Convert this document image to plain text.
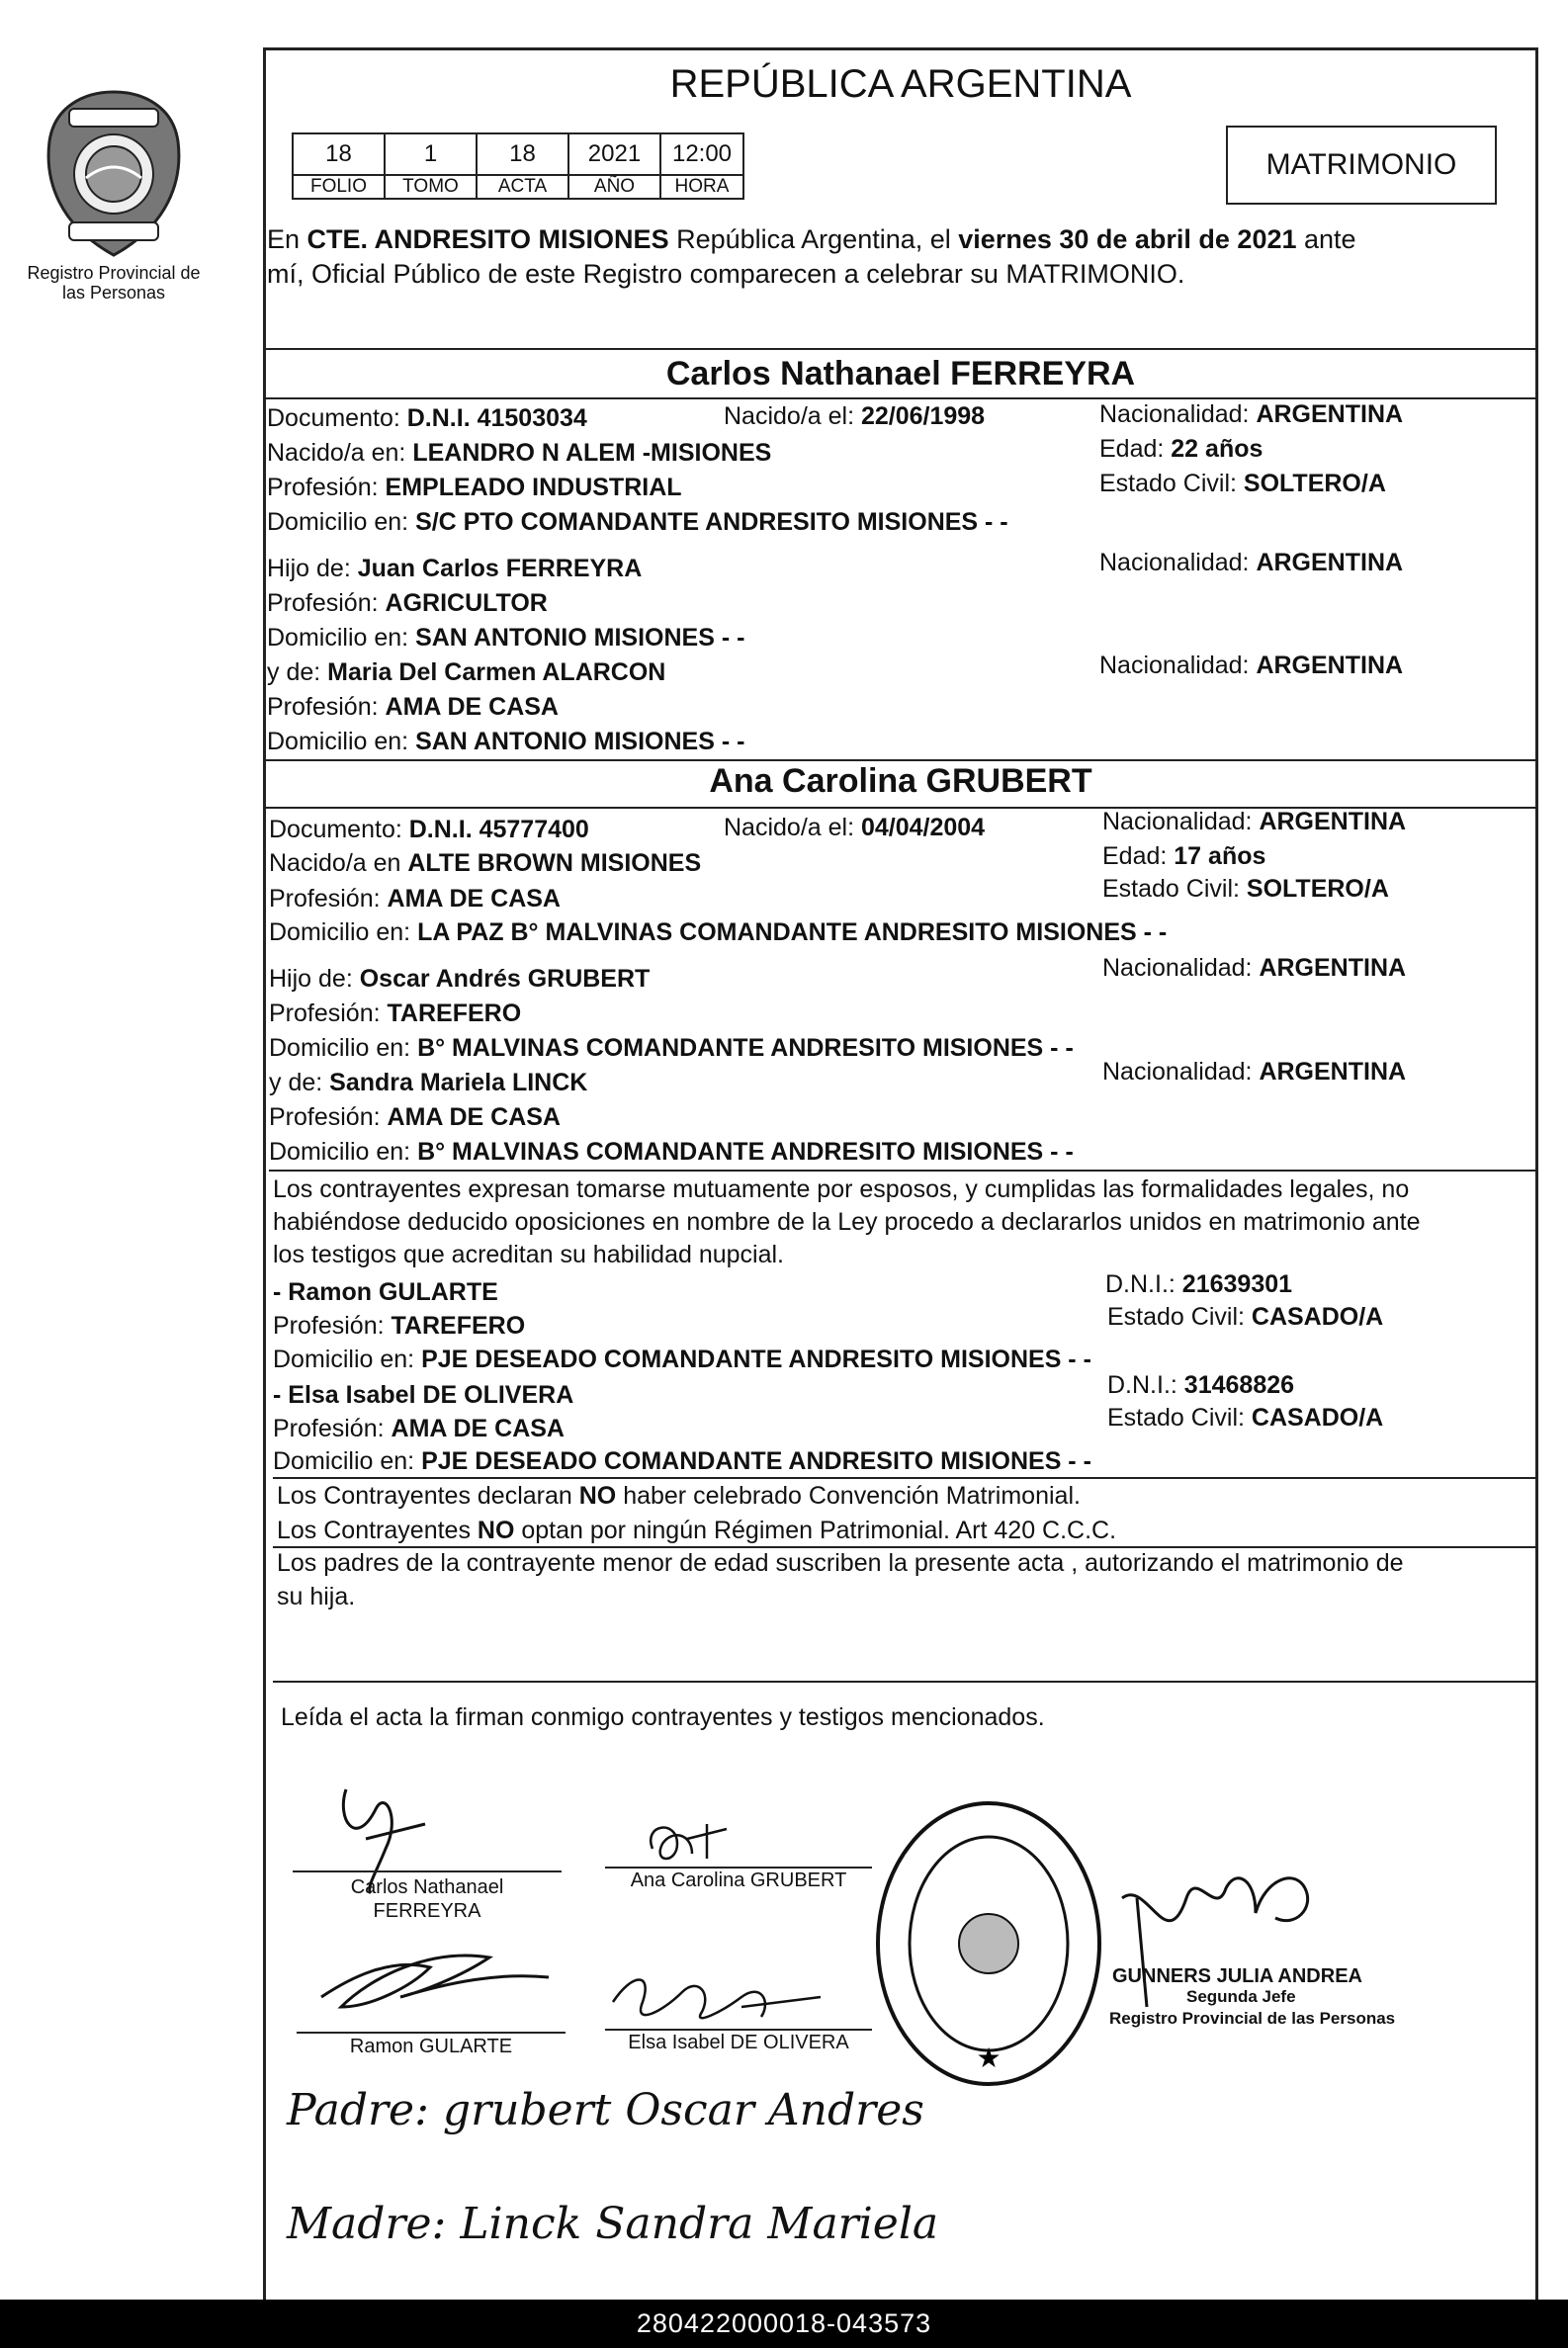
Registro Provincial de las Personas
REPÚBLICA ARGENTINA
18	1	18	2021	12:00
FOLIO	TOMO	ACTA	AÑO	HORA
MATRIMONIO
En CTE. ANDRESITO MISIONES República Argentina, el viernes 30 de abril de 2021 ante
mí, Oficial Público de este Registro comparecen a celebrar su MATRIMONIO.
Carlos Nathanael FERREYRA
Documento: D.N.I. 41503034	Nacido/a el: 22/06/1998	Nacionalidad: ARGENTINA
Nacido/a en: LEANDRO N ALEM -MISIONES	Edad: 22 años
Profesión: EMPLEADO INDUSTRIAL	Estado Civil: SOLTERO/A
Domicilio en: S/C PTO COMANDANTE ANDRESITO MISIONES - -
Hijo de: Juan Carlos FERREYRA	Nacionalidad: ARGENTINA
Profesión: AGRICULTOR
Domicilio en: SAN ANTONIO MISIONES - -
y de: Maria Del Carmen ALARCON	Nacionalidad: ARGENTINA
Profesión: AMA DE CASA
Domicilio en: SAN ANTONIO MISIONES - -
Ana Carolina GRUBERT
Documento: D.N.I. 45777400	Nacido/a el: 04/04/2004	Nacionalidad: ARGENTINA
Nacido/a en ALTE BROWN MISIONES	Edad: 17 años
Profesión: AMA DE CASA	Estado Civil: SOLTERO/A
Domicilio en: LA PAZ B° MALVINAS COMANDANTE ANDRESITO MISIONES - -
Hijo de: Oscar Andrés GRUBERT	Nacionalidad: ARGENTINA
Profesión: TAREFERO
Domicilio en: B° MALVINAS COMANDANTE ANDRESITO MISIONES - -
y de: Sandra Mariela LINCK	Nacionalidad: ARGENTINA
Profesión: AMA DE CASA
Domicilio en: B° MALVINAS COMANDANTE ANDRESITO MISIONES - -
Los contrayentes expresan tomarse mutuamente por esposos, y cumplidas las formalidades legales, no
habiéndose deducido oposiciones en nombre de la Ley procedo a declararlos unidos en matrimonio ante
los testigos que acreditan su habilidad nupcial.
- Ramon GULARTE	D.N.I.: 21639301
Profesión: TAREFERO	Estado Civil: CASADO/A
Domicilio en: PJE DESEADO COMANDANTE ANDRESITO MISIONES - -
- Elsa Isabel DE OLIVERA	D.N.I.: 31468826
Profesión: AMA DE CASA	Estado Civil: CASADO/A
Domicilio en: PJE DESEADO COMANDANTE ANDRESITO MISIONES - -
Los Contrayentes declaran NO haber celebrado Convención Matrimonial.
Los Contrayentes NO optan por ningún Régimen Patrimonial. Art 420 C.C.C.
Los padres de la contrayente menor de edad suscriben la presente acta , autorizando el matrimonio de
su hija.
Leída el acta la firman conmigo contrayentes y testigos mencionados.
Carlos Nathanael
FERREYRA
Ana Carolina GRUBERT
Ramon GULARTE	Elsa Isabel DE OLIVERA	★
GUNNERS JULIA ANDREA
Segunda Jefe
Registro Provincial de las Personas
Padre: grubert Oscar Andres
Madre: Linck Sandra Mariela
280422000018-043573
